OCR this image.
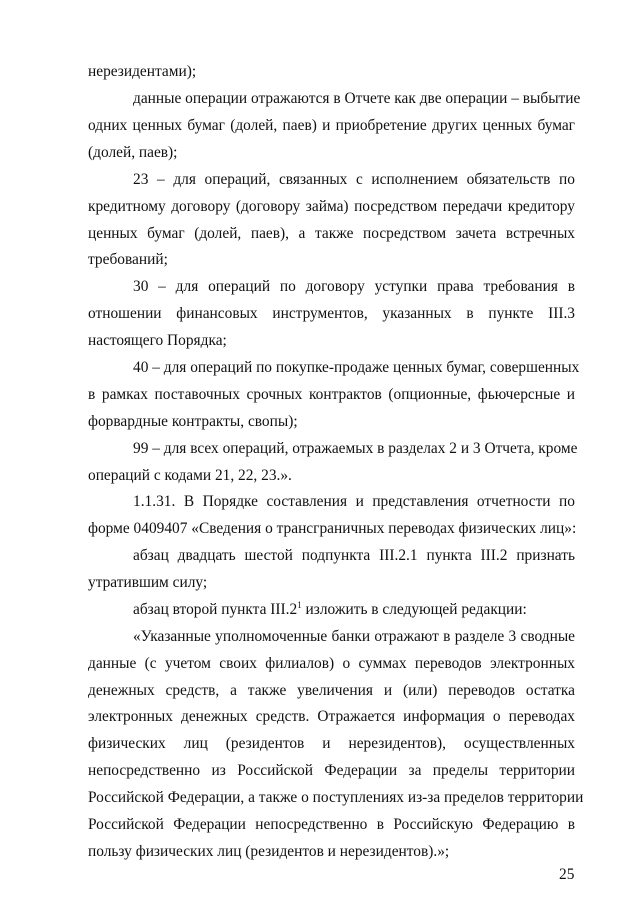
нерезидентами);
данные операции отражаются в Отчете как две операции – выбытие
одних ценных бумаг (долей, паев) и приобретение других ценных бумаг
(долей, паев);
23 – для операций, связанных с исполнением обязательств по
кредитному договору (договору займа) посредством передачи кредитору
ценных бумаг (долей, паев), а также посредством зачета встречных
требований;
30 – для операций по договору уступки права требования в
отношении финансовых инструментов, указанных в пункте III.3
настоящего Порядка;
40 – для операций по покупке-продаже ценных бумаг, совершенных
в рамках поставочных срочных контрактов (опционные, фьючерсные и
форвардные контракты, свопы);
99 – для всех операций, отражаемых в разделах 2 и 3 Отчета, кроме
операций с кодами 21, 22, 23.».
1.1.31. В Порядке составления и представления отчетности по
форме 0409407 «Сведения о трансграничных переводах физических лиц»:
абзац двадцать шестой подпункта III.2.1 пункта III.2 признать
утратившим силу;
абзац второй пункта $III.2^1$ изложить в следующей редакции:
«Указанные уполномоченные банки отражают в разделе 3 сводные
данные (с учетом своих филиалов) о суммах переводов электронных
денежных средств, а также увеличения и (или) переводов остатка
электронных денежных средств. Отражается информация о переводах
физических лиц (резидентов и нерезидентов), осуществленных
непосредственно из Российской Федерации за пределы территории
Российской Федерации, а также о поступлениях из-за пределов территории
Российской Федерации непосредственно в Российскую Федерацию в
пользу физических лиц (резидентов и нерезидентов).»;
25
